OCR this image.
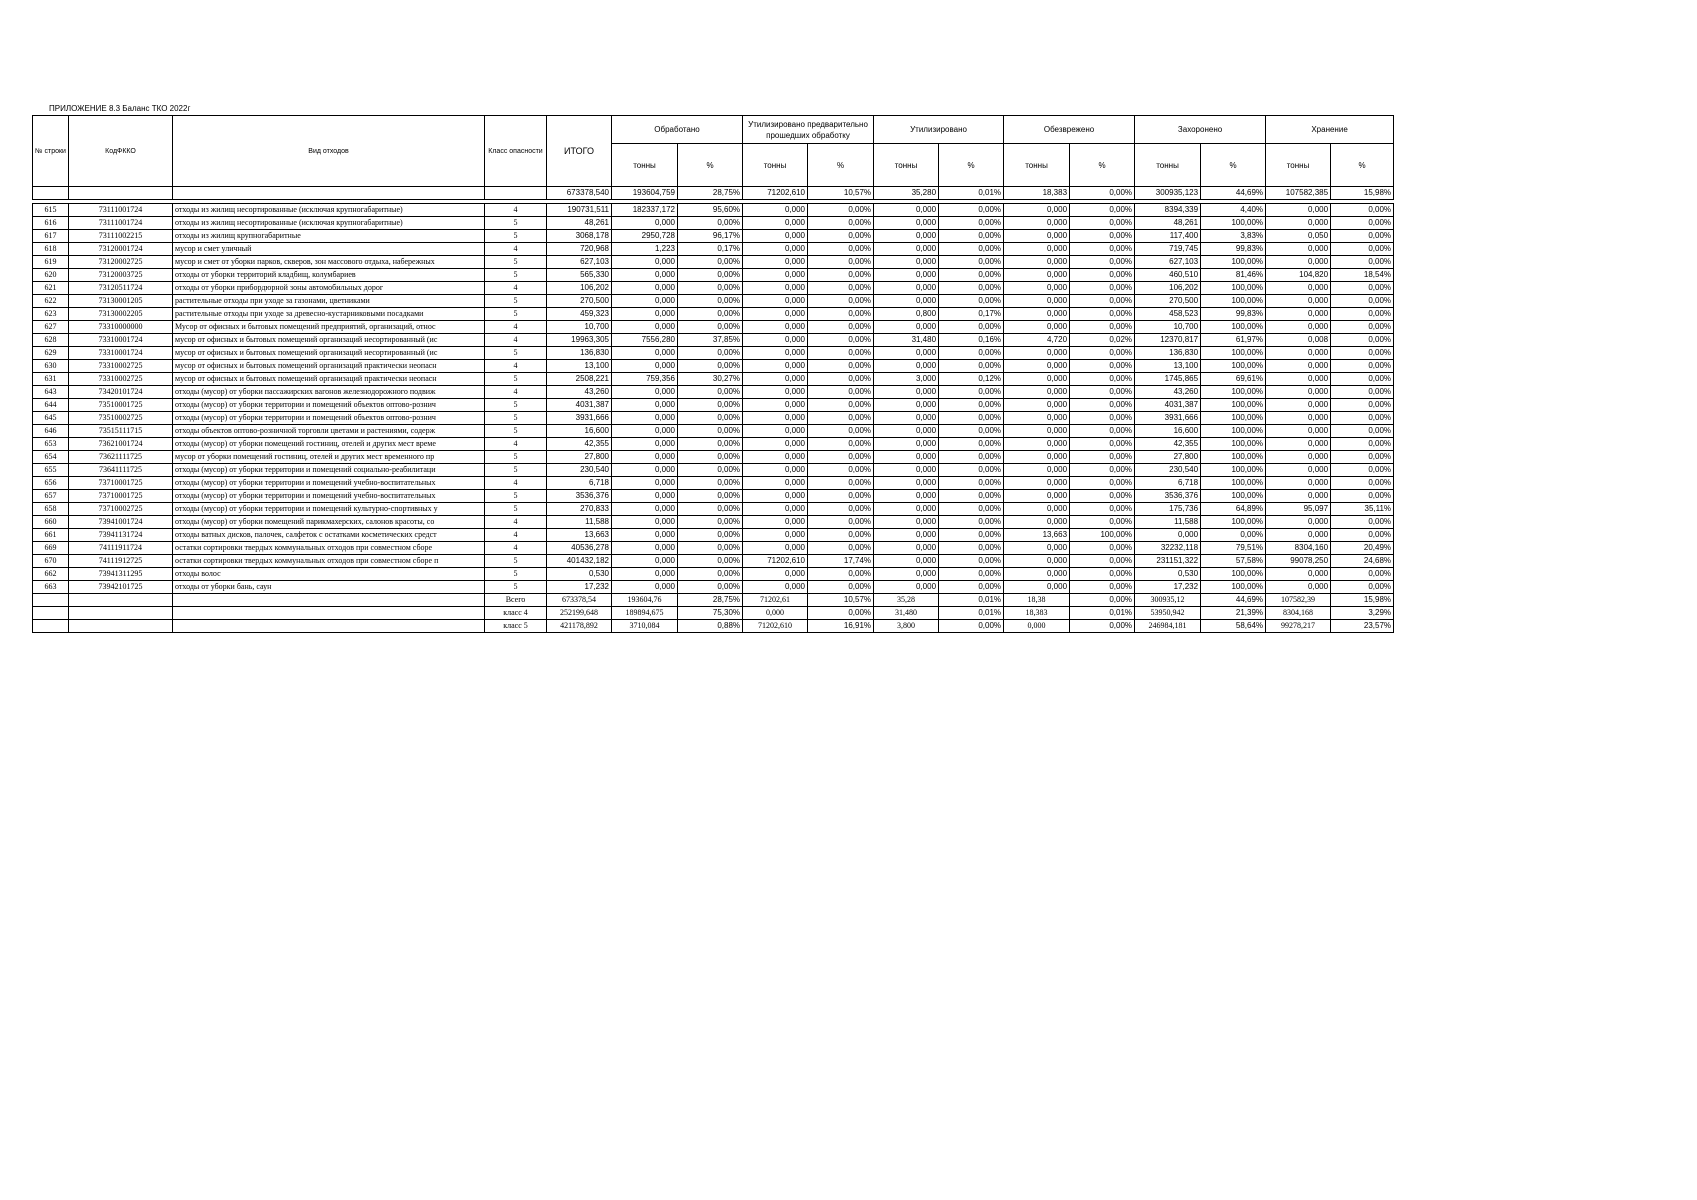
ПРИЛОЖЕНИЕ 8.3 Баланс ТКО 2022г
№ строки	КодФККО	Вид отходов	Класс опасности	ИТОГО	Обработано		Утилизировано предварительно прошедших обработку		Утилизировано		Обезврежено		Захоронено		Хранение	
					тонны	%	тонны	%	тонны	%	тонны	%	тонны	%	тонны	%
				673378,540	193604,759	28,75%	71202,610	10,57%	35,280	0,01%	18,383	0,00%	300935,123	44,69%	107582,385	15,98%

615	73111001724	отходы из жилищ несортированные (исключая крупногабаритные)	4	190731,511	182337,172	95,60%	0,000	0,00%	0,000	0,00%	0,000	0,00%	8394,339	4,40%	0,000	0,00%
616	73111001724	отходы из жилищ несортированные (исключая крупногабаритные)	5	48,261	0,000	0,00%	0,000	0,00%	0,000	0,00%	0,000	0,00%	48,261	100,00%	0,000	0,00%
617	73111002215	отходы из жилищ крупногабаритные	5	3068,178	2950,728	96,17%	0,000	0,00%	0,000	0,00%	0,000	0,00%	117,400	3,83%	0,050	0,00%
618	73120001724	мусор и смет уличный	4	720,968	1,223	0,17%	0,000	0,00%	0,000	0,00%	0,000	0,00%	719,745	99,83%	0,000	0,00%
619	73120002725	мусор и смет от уборки парков, скверов, зон массового отдыха, набережных	5	627,103	0,000	0,00%	0,000	0,00%	0,000	0,00%	0,000	0,00%	627,103	100,00%	0,000	0,00%
620	73120003725	отходы от уборки территорий кладбищ, колумбариев	5	565,330	0,000	0,00%	0,000	0,00%	0,000	0,00%	0,000	0,00%	460,510	81,46%	104,820	18,54%
621	73120511724	отходы от уборки прибордюрной зоны автомобильных дорог	4	106,202	0,000	0,00%	0,000	0,00%	0,000	0,00%	0,000	0,00%	106,202	100,00%	0,000	0,00%
622	73130001205	растительные отходы при уходе за газонами, цветниками	5	270,500	0,000	0,00%	0,000	0,00%	0,000	0,00%	0,000	0,00%	270,500	100,00%	0,000	0,00%
623	73130002205	растительные отходы при уходе за древесно-кустарниковыми посадками	5	459,323	0,000	0,00%	0,000	0,00%	0,800	0,17%	0,000	0,00%	458,523	99,83%	0,000	0,00%
627	73310000000	Мусор от офисных и бытовых помещений предприятий, организаций, относ	4	10,700	0,000	0,00%	0,000	0,00%	0,000	0,00%	0,000	0,00%	10,700	100,00%	0,000	0,00%
628	73310001724	мусор от офисных и бытовых помещений организаций несортированный (ис	4	19963,305	7556,280	37,85%	0,000	0,00%	31,480	0,16%	4,720	0,02%	12370,817	61,97%	0,008	0,00%
629	73310001724	мусор от офисных и бытовых помещений организаций несортированный (ис	5	136,830	0,000	0,00%	0,000	0,00%	0,000	0,00%	0,000	0,00%	136,830	100,00%	0,000	0,00%
630	73310002725	мусор от офисных и бытовых помещений организаций практически неопасн	4	13,100	0,000	0,00%	0,000	0,00%	0,000	0,00%	0,000	0,00%	13,100	100,00%	0,000	0,00%
631	73310002725	мусор от офисных и бытовых помещений организаций практически неопасн	5	2508,221	759,356	30,27%	0,000	0,00%	3,000	0,12%	0,000	0,00%	1745,865	69,61%	0,000	0,00%
643	73420101724	отходы (мусор) от уборки пассажирских вагонов железнодорожного подвиж	4	43,260	0,000	0,00%	0,000	0,00%	0,000	0,00%	0,000	0,00%	43,260	100,00%	0,000	0,00%
644	73510001725	отходы (мусор) от уборки территории и помещений объектов оптово-рознич	5	4031,387	0,000	0,00%	0,000	0,00%	0,000	0,00%	0,000	0,00%	4031,387	100,00%	0,000	0,00%
645	73510002725	отходы (мусор) от уборки территории и помещений объектов оптово-рознич	5	3931,666	0,000	0,00%	0,000	0,00%	0,000	0,00%	0,000	0,00%	3931,666	100,00%	0,000	0,00%
646	73515111715	отходы объектов оптово-розничной торговли цветами и растениями, содерж	5	16,600	0,000	0,00%	0,000	0,00%	0,000	0,00%	0,000	0,00%	16,600	100,00%	0,000	0,00%
653	73621001724	отходы (мусор) от уборки помещений гостиниц, отелей и других мест време	4	42,355	0,000	0,00%	0,000	0,00%	0,000	0,00%	0,000	0,00%	42,355	100,00%	0,000	0,00%
654	73621111725	мусор от уборки помещений гостиниц, отелей и других мест временного пр	5	27,800	0,000	0,00%	0,000	0,00%	0,000	0,00%	0,000	0,00%	27,800	100,00%	0,000	0,00%
655	73641111725	отходы (мусор) от уборки территории и помещений социально-реабилитаци	5	230,540	0,000	0,00%	0,000	0,00%	0,000	0,00%	0,000	0,00%	230,540	100,00%	0,000	0,00%
656	73710001725	отходы (мусор) от уборки территории и помещений учебно-воспитательных	4	6,718	0,000	0,00%	0,000	0,00%	0,000	0,00%	0,000	0,00%	6,718	100,00%	0,000	0,00%
657	73710001725	отходы (мусор) от уборки территории и помещений учебно-воспитательных	5	3536,376	0,000	0,00%	0,000	0,00%	0,000	0,00%	0,000	0,00%	3536,376	100,00%	0,000	0,00%
658	73710002725	отходы (мусор) от уборки территории и помещений культурно-спортивных у	5	270,833	0,000	0,00%	0,000	0,00%	0,000	0,00%	0,000	0,00%	175,736	64,89%	95,097	35,11%
660	73941001724	отходы (мусор) от уборки помещений парикмахерских, салонов красоты, со	4	11,588	0,000	0,00%	0,000	0,00%	0,000	0,00%	0,000	0,00%	11,588	100,00%	0,000	0,00%
661	73941131724	отходы ватных дисков, палочек, салфеток с остатками косметических средст	4	13,663	0,000	0,00%	0,000	0,00%	0,000	0,00%	13,663	100,00%	0,000	0,00%	0,000	0,00%
669	74111911724	остатки сортировки твердых коммунальных отходов при совместном сборе	4	40536,278	0,000	0,00%	0,000	0,00%	0,000	0,00%	0,000	0,00%	32232,118	79,51%	8304,160	20,49%
670	74111912725	остатки сортировки твердых коммунальных отходов при совместном сборе п	5	401432,182	0,000	0,00%	71202,610	17,74%	0,000	0,00%	0,000	0,00%	231151,322	57,58%	99078,250	24,68%
662	73941311295	отходы волос	5	0,530	0,000	0,00%	0,000	0,00%	0,000	0,00%	0,000	0,00%	0,530	100,00%	0,000	0,00%
663	73942101725	отходы от уборки бань, саун	5	17,232	0,000	0,00%	0,000	0,00%	0,000	0,00%	0,000	0,00%	17,232	100,00%	0,000	0,00%
			Всего	673378,54	193604,76	28,75%	71202,61	10,57%	35,28	0,01%	18,38	0,00%	300935,12	44,69%	107582,39	15,98%
			класс 4	252199,648	189894,675	75,30%	0,000	0,00%	31,480	0,01%	18,383	0,01%	53950,942	21,39%	8304,168	3,29%
			класс 5	421178,892	3710,084	0,88%	71202,610	16,91%	3,800	0,00%	0,000	0,00%	246984,181	58,64%	99278,217	23,57%
